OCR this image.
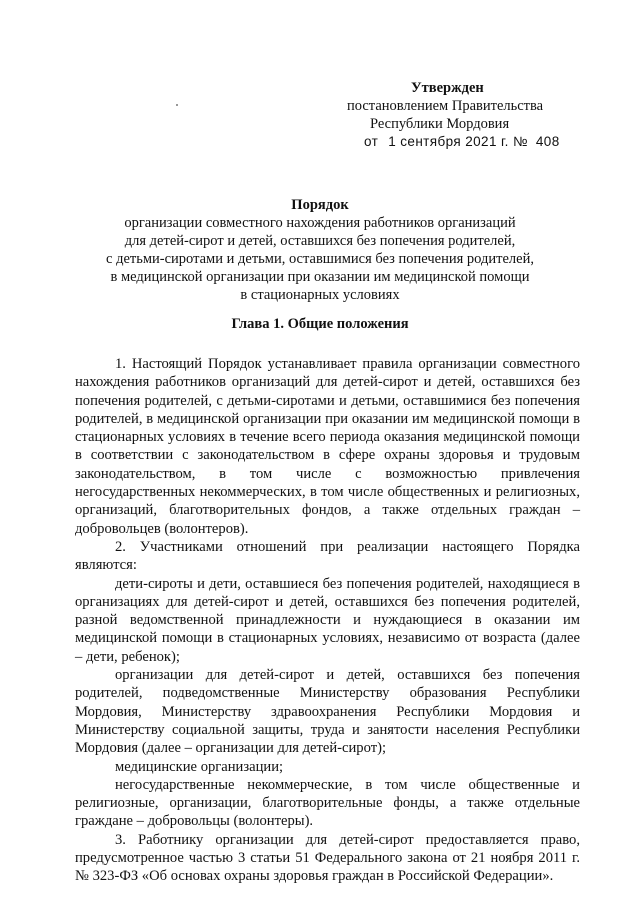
Утвержден
постановлением Правительства
Республики Мордовия
от 1 сентября 2021 г. № 408
Порядок
организации совместного нахождения работников организаций
для детей-сирот и детей, оставшихся без попечения родителей,
с детьми-сиротами и детьми, оставшимися без попечения родителей,
в медицинской организации при оказании им медицинской помощи
в стационарных условиях
Глава 1. Общие положения

1. Настоящий Порядок устанавливает правила организации совместного нахождения работников организаций для детей-сирот и детей, оставшихся без попечения родителей, с детьми-сиротами и детьми, оставшимися без попечения родителей, в медицинской организации при оказании им медицинской помощи в стационарных условиях в течение всего периода оказания медицинской помощи в соответствии с законодательством в сфере охраны здоровья и трудовым законодательством, в том числе с возможностью привлечения негосударственных некоммерческих, в том числе общественных и религиозных, организаций, благотворительных фондов, а также отдельных граждан – добровольцев (волонтеров).

2. Участниками отношений при реализации настоящего Порядка являются:

дети-сироты и дети, оставшиеся без попечения родителей, находящиеся в организациях для детей-сирот и детей, оставшихся без попечения родителей, разной ведомственной принадлежности и нуждающиеся в оказании им медицинской помощи в стационарных условиях, независимо от возраста (далее – дети, ребенок);

организации для детей-сирот и детей, оставшихся без попечения родителей, подведомственные Министерству образования Республики Мордовия, Министерству здравоохранения Республики Мордовия и Министерству социальной защиты, труда и занятости населения Республики Мордовия (далее – организации для детей-сирот);

медицинские организации;

негосударственные некоммерческие, в том числе общественные и религиозные, организации, благотворительные фонды, а также отдельные граждане – добровольцы (волонтеры).

3. Работнику организации для детей-сирот предоставляется право, предусмотренное частью 3 статьи 51 Федерального закона от 21 ноября 2011 г. № 323-ФЗ «Об основах охраны здоровья граждан в Российской Федерации».
